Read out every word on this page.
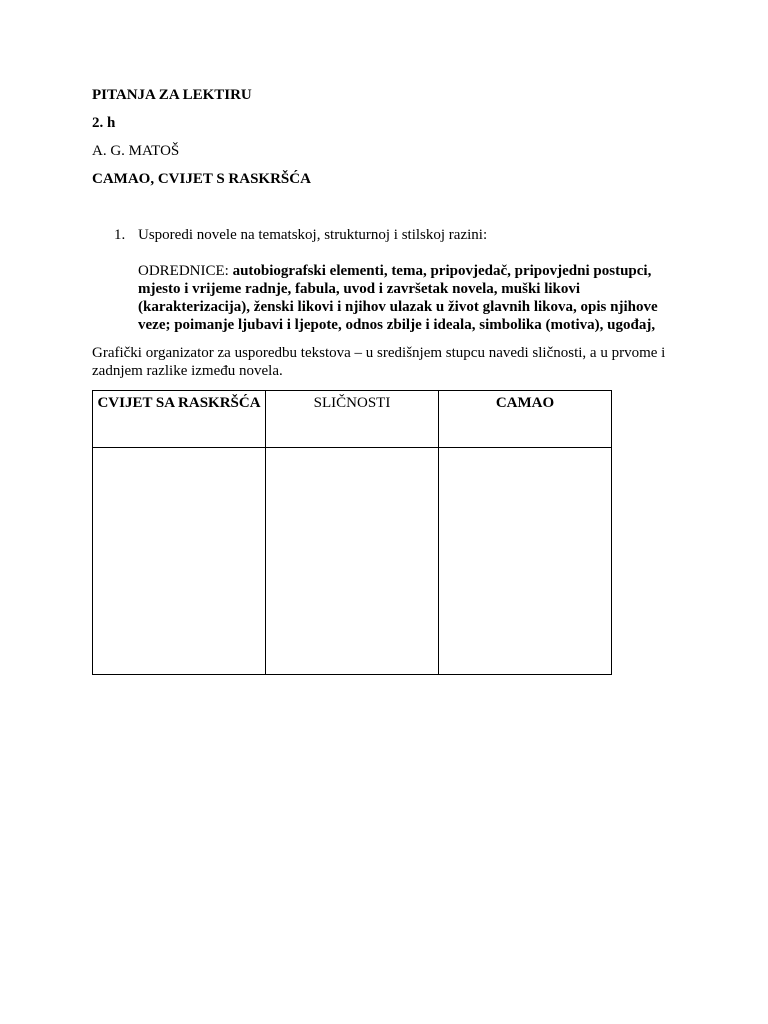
PITANJA ZA LEKTIRU
2. h
A. G. MATOŠ
CAMAO, CVIJET S RASKRŠĆA
1. Usporedi novele na tematskoj, strukturnoj i stilskoj razini:
ODREDNICE: autobiografski elementi, tema, pripovjedač, pripovjedni postupci, mjesto i vrijeme radnje, fabula, uvod i završetak novela, muški likovi (karakterizacija), ženski likovi i njihov ulazak u život glavnih likova, opis njihove veze; poimanje ljubavi i ljepote, odnos zbilje i ideala, simbolika (motiva), ugođaj,
Grafički organizator za usporedbu tekstova – u središnjem stupcu navedi sličnosti, a u prvome i zadnjem razlike između novela.
CVIJET SA RASKRŠĆA	SLIČNOSTI	CAMAO
